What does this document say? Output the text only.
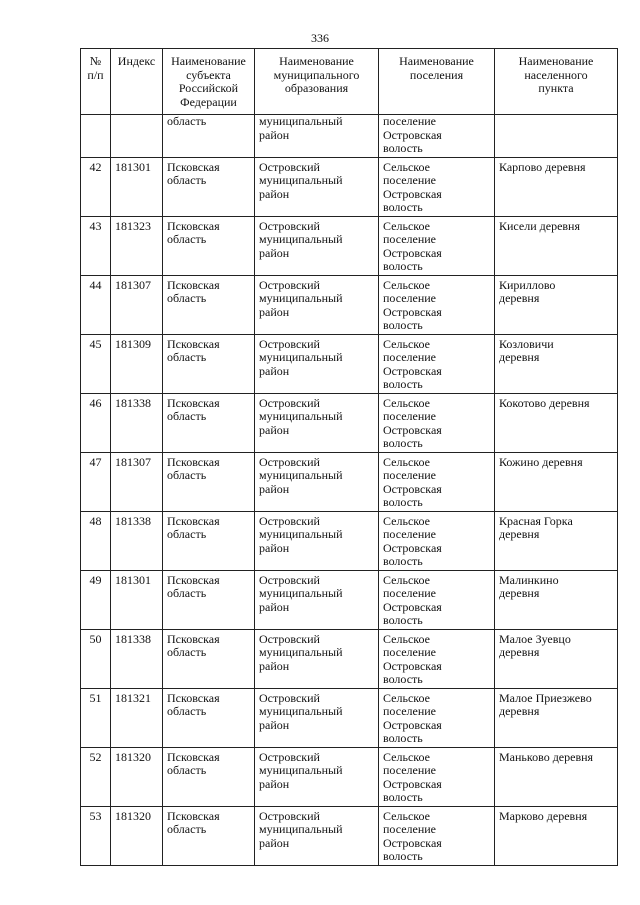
336
№
п/п	Индекс	Наименование
субъекта
Российской
Федерации	Наименование
муниципального
образования	Наименование
поселения	Наименование
населенного
пункта

		область	муниципальный
район	поселение
Островская
волость	

42	181301	Псковская
область	Островский
муниципальный
район	Сельское
поселение
Островская
волость	Карпово деревня

43	181323	Псковская
область	Островский
муниципальный
район	Сельское
поселение
Островская
волость	Кисели деревня

44	181307	Псковская
область	Островский
муниципальный
район	Сельское
поселение
Островская
волость	Кириллово
деревня

45	181309	Псковская
область	Островский
муниципальный
район	Сельское
поселение
Островская
волость	Козловичи
деревня

46	181338	Псковская
область	Островский
муниципальный
район	Сельское
поселение
Островская
волость	Кокотово деревня

47	181307	Псковская
область	Островский
муниципальный
район	Сельское
поселение
Островская
волость	Кожино деревня

48	181338	Псковская
область	Островский
муниципальный
район	Сельское
поселение
Островская
волость	Красная Горка
деревня

49	181301	Псковская
область	Островский
муниципальный
район	Сельское
поселение
Островская
волость	Малинкино
деревня

50	181338	Псковская
область	Островский
муниципальный
район	Сельское
поселение
Островская
волость	Малое Зуевцо
деревня

51	181321	Псковская
область	Островский
муниципальный
район	Сельское
поселение
Островская
волость	Малое Приезжево
деревня

52	181320	Псковская
область	Островский
муниципальный
район	Сельское
поселение
Островская
волость	Маньково деревня

53	181320	Псковская
область	Островский
муниципальный
район	Сельское
поселение
Островская
волость	Марково деревня
